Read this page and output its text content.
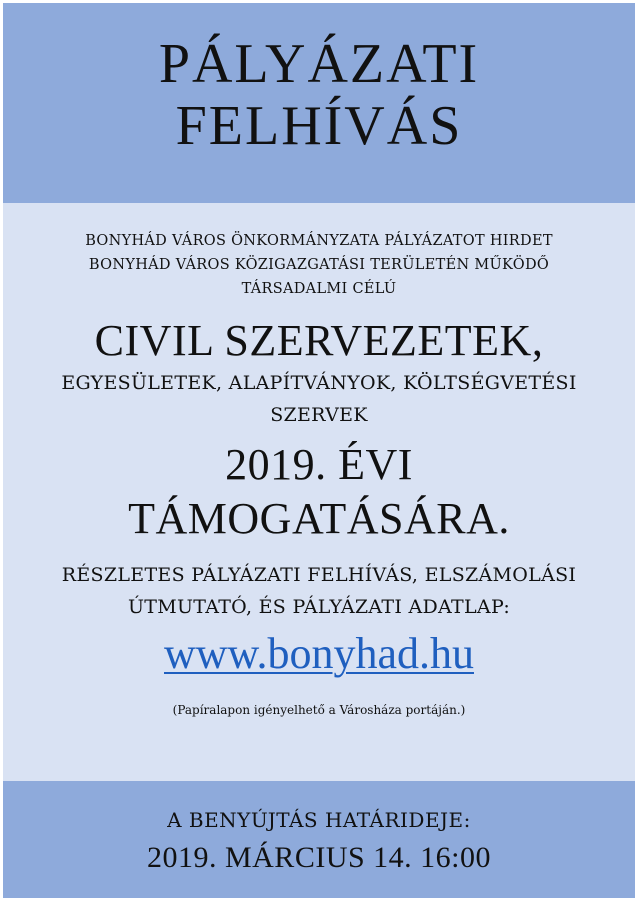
PÁLYÁZATI
FELHÍVÁS
BONYHÁD VÁROS ÖNKORMÁNYZATA PÁLYÁZATOT HIRDET
BONYHÁD VÁROS KÖZIGAZGATÁSI TERÜLETÉN MŰKÖDŐ
TÁRSADALMI CÉLÚ
CIVIL SZERVEZETEK,
EGYESÜLETEK, ALAPÍTVÁNYOK, KÖLTSÉGVETÉSI
SZERVEK
2019. ÉVI
TÁMOGATÁSÁRA.
RÉSZLETES PÁLYÁZATI FELHÍVÁS, ELSZÁMOLÁSI
ÚTMUTATÓ, ÉS PÁLYÁZATI ADATLAP:
www.bonyhad.hu
(Papíralapon igényelhető a Városháza portáján.)
A BENYÚJTÁS HATÁRIDEJE:
2019. MÁRCIUS 14. 16:00
